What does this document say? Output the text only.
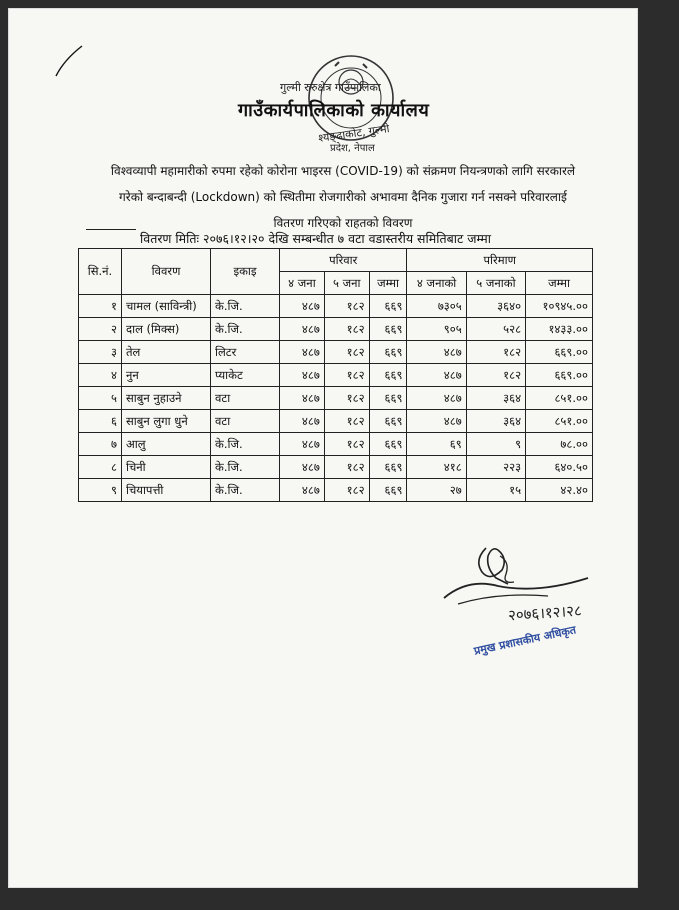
गुल्मी रुरुक्षेत्र गाउँपालिका
श्यङ्ढाकोट, गुल्मी
प्रदेश, नेपाल
गाउँकार्यपालिकाको कार्यालय
विश्वव्यापी महामारीको रुपमा रहेको कोरोना भाइरस (COVID-19) को संक्रमण नियन्त्रणको लागि सरकारले
गरेको बन्दाबन्दी (Lockdown) को स्थितीमा रोजगारीको अभावमा दैनिक गुजारा गर्न नसक्ने परिवारलाई
वितरण गरिएको राहतको विवरण
वितरण मितिः २०७६।१२।२० देखि सम्बन्धीत ७ वटा वडास्तरीय समितिबाट जम्मा
सि.नं.	विवरण	इकाइ	परिवार			परिमाण		
			४ जना	५ जना	जम्मा	४ जनाको	५ जनाको	जम्मा
१	चामल (साविन्त्री)	के.जि.	४८७	१८२	६६९	७३०५	३६४०	१०९४५.००
२	दाल (मिक्स)	के.जि.	४८७	१८२	६६९	९०५	५२८	१४३३.००
३	तेल	लिटर	४८७	१८२	६६९	४८७	१८२	६६९.००
४	नुन	प्याकेट	४८७	१८२	६६९	४८७	१८२	६६९.००
५	साबुन नुहाउने	वटा	४८७	१८२	६६९	४८७	३६४	८५१.००
६	साबुन लुगा धुने	वटा	४८७	१८२	६६९	४८७	३६४	८५१.००
७	आलु	के.जि.	४८७	१८२	६६९	६९	९	७८.००
८	चिनी	के.जि.	४८७	१८२	६६९	४१८	२२३	६४०.५०
९	चियापत्ती	के.जि.	४८७	१८२	६६९	२७	१५	४२.४०
२०७६।१२।२८
प्रमुख प्रशासकीय अधिकृत
